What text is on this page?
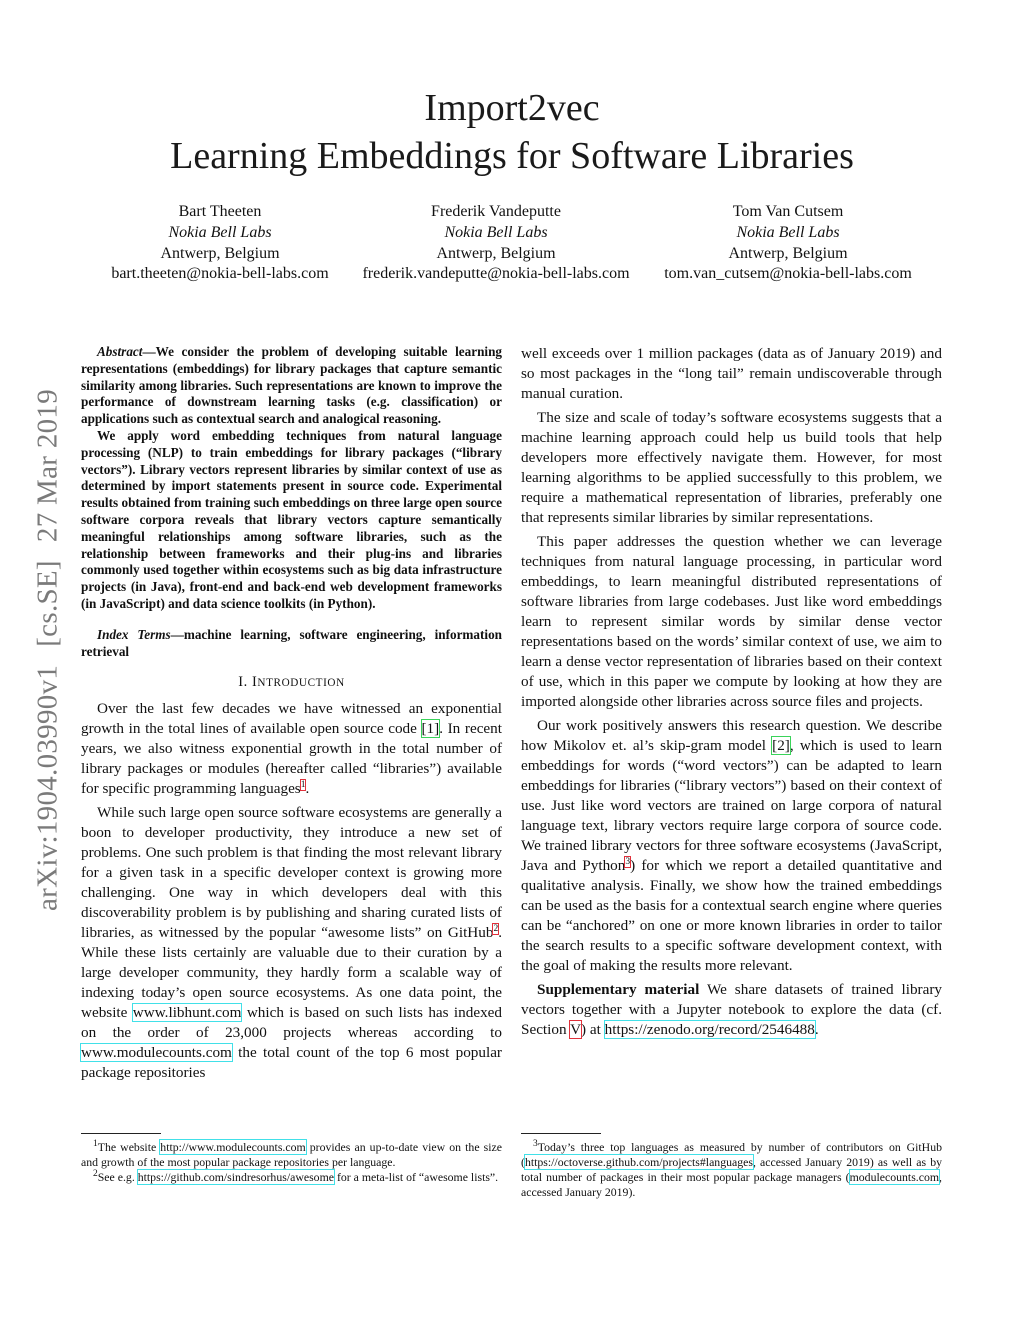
Import2vec
Learning Embeddings for Software Libraries
Bart Theeten
Nokia Bell Labs
Antwerp, Belgium
bart.theeten@nokia-bell-labs.com
Frederik Vandeputte
Nokia Bell Labs
Antwerp, Belgium
frederik.vandeputte@nokia-bell-labs.com
Tom Van Cutsem
Nokia Bell Labs
Antwerp, Belgium
tom.van_cutsem@nokia-bell-labs.com
arXiv:1904.03990v1[cs.SE]27 Mar 2019

Abstract—We consider the problem of developing suitable learning representations (embeddings) for library packages that capture semantic similarity among libraries. Such representations are known to improve the performance of downstream learning tasks (e.g. classification) or applications such as contextual search and analogical reasoning.

We apply word embedding techniques from natural language processing (NLP) to train embeddings for library packages (“library vectors”). Library vectors represent libraries by similar context of use as determined by import statements present in source code. Experimental results obtained from training such embeddings on three large open source software corpora reveals that library vectors capture semantically meaningful relationships among software libraries, such as the relationship between frameworks and their plug-ins and libraries commonly used together within ecosystems such as big data infrastructure projects (in Java), front-end and back-end web development frameworks (in JavaScript) and data science toolkits (in Python).

Index Terms—machine learning, software engineering, information retrieval

I. INTRODUCTION

Over the last few decades we have witnessed an exponential growth in the total lines of available open source code [1]. In recent years, we also witness exponential growth in the total number of library packages or modules (hereafter called “libraries”) available for specific programming languages$^1$.

While such large open source software ecosystems are generally a boon to developer productivity, they introduce a new set of problems. One such problem is that finding the most relevant library for a given task in a specific developer context is growing more challenging. One way in which developers deal with this discoverability problem is by publishing and sharing curated lists of libraries, as witnessed by the popular “awesome lists” on GitHub$^2$. While these lists certainly are valuable due to their curation by a large developer community, they hardly form a scalable way of indexing today’s open source ecosystems. As one data point, the website www.libhunt.com which is based on such lists has indexed on the order of 23,000 projects whereas according to www.modulecounts.com the total count of the top 6 most popular package repositories

well exceeds over 1 million packages (data as of January 2019) and so most packages in the “long tail” remain undiscoverable through manual curation.

The size and scale of today’s software ecosystems suggests that a machine learning approach could help us build tools that help developers more effectively navigate them. However, for most learning algorithms to be applied successfully to this problem, we require a mathematical representation of libraries, preferably one that represents similar libraries by similar representations.

This paper addresses the question whether we can leverage techniques from natural language processing, in particular word embeddings, to learn meaningful distributed representations of software libraries from large codebases. Just like word embeddings learn to represent similar words by similar dense vector representations based on the words’ similar context of use, we aim to learn a dense vector representation of libraries based on their context of use, which in this paper we compute by looking at how they are imported alongside other libraries across source files and projects.

Our work positively answers this research question. We describe how Mikolov et. al’s skip-gram model [2], which is used to learn embeddings for words (“word vectors”) can be adapted to learn embeddings for libraries (“library vectors”) based on their context of use. Just like word vectors are trained on large corpora of natural language text, library vectors require large corpora of source code. We trained library vectors for three software ecosystems (JavaScript, Java and Python$^3$) for which we report a detailed quantitative and qualitative analysis. Finally, we show how the trained embeddings can be used as the basis for a contextual search engine where queries can be “anchored” on one or more known libraries in order to tailor the search results to a specific software development context, with the goal of making the results more relevant.

Supplementary material We share datasets of trained library vectors together with a Jupyter notebook to explore the data (cf. Section V) at https://zenodo.org/record/2546488.

$^1$The website http://www.modulecounts.com provides an up-to-date view on the size and growth of the most popular package repositories per language.

$^2$See e.g. https://github.com/sindresorhus/awesome for a meta-list of “awesome lists”.

$^3$Today’s three top languages as measured by number of contributors on GitHub (https://octoverse.github.com/projects#languages, accessed January 2019) as well as by total number of packages in their most popular package managers (modulecounts.com, accessed January 2019).
